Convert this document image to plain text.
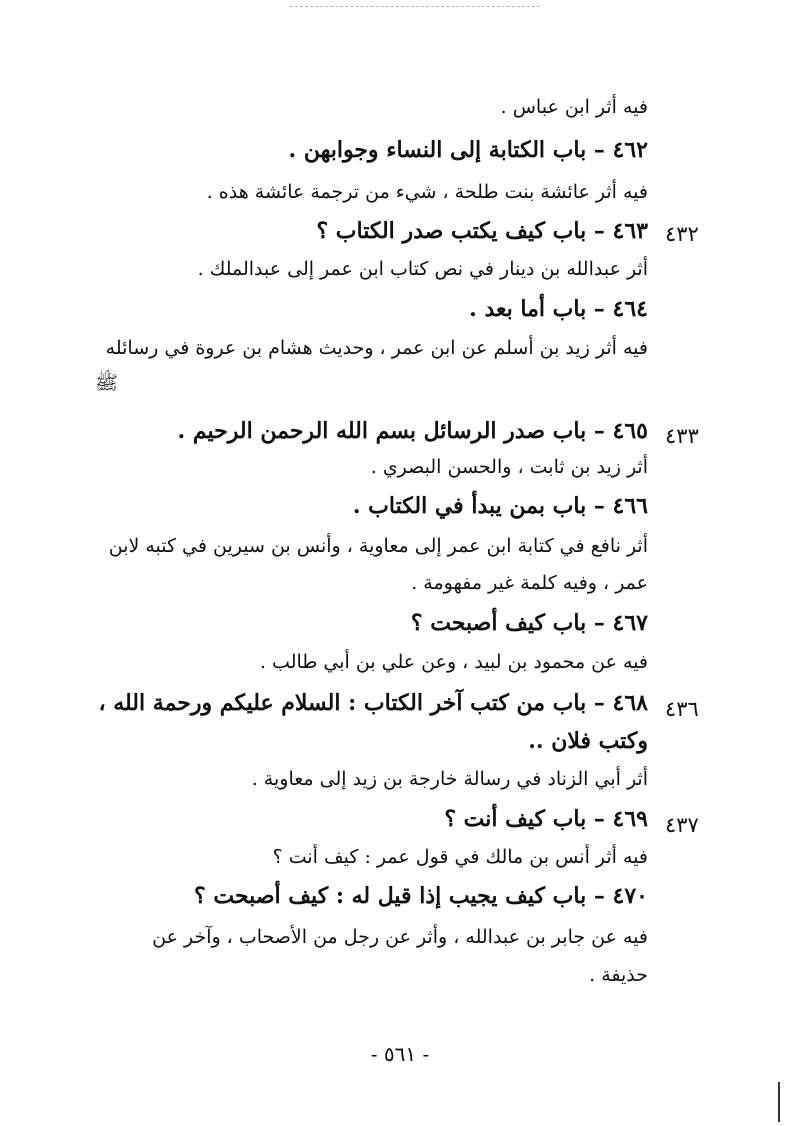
فيه أثر ابن عباس .
٤٦٢ – باب الكتابة إلى النساء وجوابهن .
فيه أثر عائشة بنت طلحة ، شيء من ترجمة عائشة هذه .
٤٣٢
٤٦٣ – باب كيف يكتب صدر الكتاب ؟
أثر عبدالله بن دينار في نص كتاب ابن عمر إلى عبدالملك .
٤٦٤ – باب أما بعد .
فيه أثر زيد بن أسلم عن ابن عمر ، وحديث هشام بن عروة في رسائله
ﷺ
٤٣٣
٤٦٥ – باب صدر الرسائل بسم الله الرحمن الرحيم .
أثر زيد بن ثابت ، والحسن البصري .
٤٦٦ – باب بمن يبدأ في الكتاب .
أثر نافع في كتابة ابن عمر إلى معاوية ، وأنس بن سيرين في كتبه لابن
عمر ، وفيه كلمة غير مفهومة .
٤٦٧ – باب كيف أصبحت ؟
فيه عن محمود بن لبيد ، وعن علي بن أبي طالب .
٤٣٦
٤٦٨ – باب من كتب آخر الكتاب : السلام عليكم ورحمة الله ،
وكتب فلان ..
أثر أبي الزناد في رسالة خارجة بن زيد إلى معاوية .
٤٣٧
٤٦٩ – باب كيف أنت ؟
فيه أثر أنس بن مالك في قول عمر : كيف أنت ؟
٤٧٠ – باب كيف يجيب إذا قيل له : كيف أصبحت ؟
فيه عن جابر بن عبدالله ، وأثر عن رجل من الأصحاب ، وآخر عن
حذيفة .
- ٥٦١ -
